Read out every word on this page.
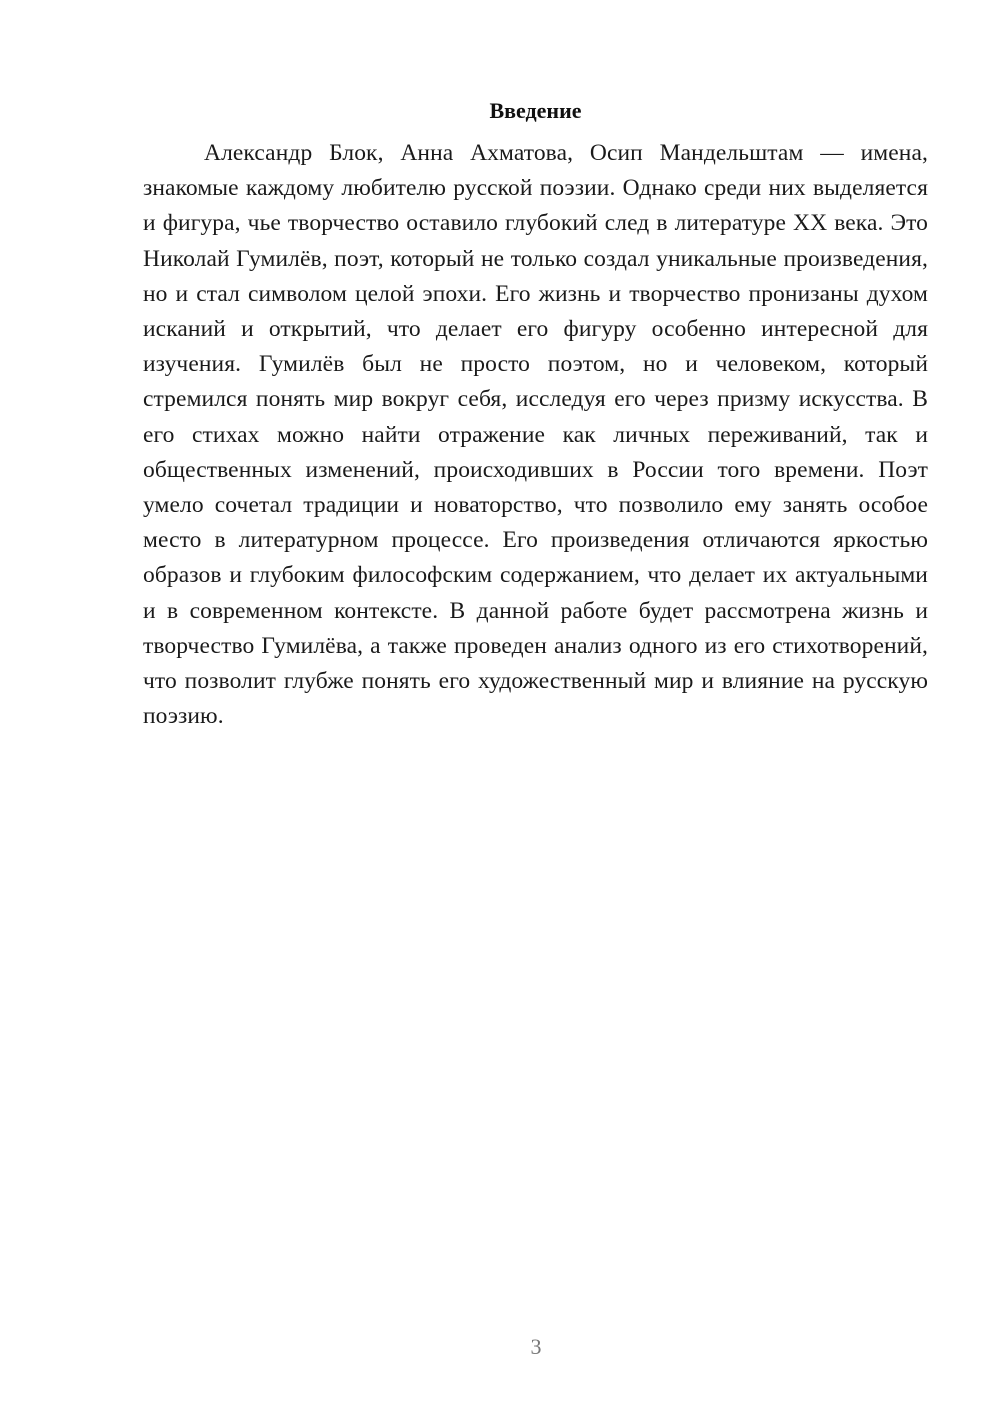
Введение

Александр Блок, Анна Ахматова, Осип Мандельштам — имена, знакомые каждому любителю русской поэзии. Однако среди них выделяется и фигура, чье творчество оставило глубокий след в литературе XX века. Это Николай Гумилёв, поэт, который не только создал уникальные произведения, но и стал символом целой эпохи. Его жизнь и творчество пронизаны духом исканий и открытий, что делает его фигуру особенно интересной для изучения. Гумилёв был не просто поэтом, но и человеком, который стремился понять мир вокруг себя, исследуя его через призму искусства. В его стихах можно найти отражение как личных переживаний, так и общественных изменений, происходивших в России того времени. Поэт умело сочетал традиции и новаторство, что позволило ему занять особое место в литературном процессе. Его произведения отличаются яркостью образов и глубоким философским содержанием, что делает их актуальными и в современном контексте. В данной работе будет рассмотрена жизнь и творчество Гумилёва, а также проведен анализ одного из его стихотворений, что позволит глубже понять его художественный мир и влияние на русскую поэзию.

3
